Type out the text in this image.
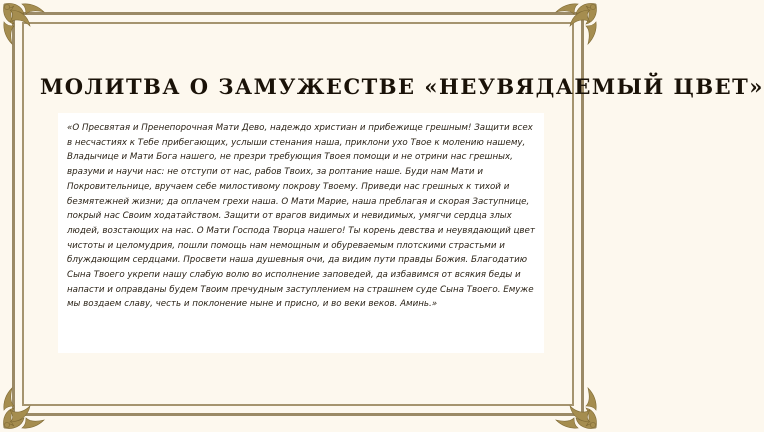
МОЛИТВА О ЗАМУЖЕСТВЕ «НЕУВЯДАЕМЫЙ ЦВЕТ»

«О Пресвятая и Пренепорочная Мати Дево, надеждо христиан и прибежище грешным! Защити всех в несчастиях к Тебе прибегающих, услыши стенания наша, приклони ухо Твое к молению нашему, Владычице и Мати Бога нашего, не презри требующия Твоея помощи и не отрини нас грешных, вразуми и научи нас: не отступи от нас, рабов Твоих, за роптание наше. Буди нам Мати и Покровительнице, вручаем себе милостивому покрову Твоему. Приведи нас грешных к тихой и безмятежней жизни; да оплачем грехи наша. О Мати Марие, наша преблагая и скорая Заступнице, покрый нас Своим ходатайством. Защити от врагов видимых и невидимых, умягчи сердца злых людей, возстающих на нас. О Мати Господа Творца нашего! Ты корень девства и неувядающий цвет чистоты и целомудрия, пошли помощь нам немощным и обуреваемым плотскими страстьми и блуждающим сердцами. Просвети наша душевныя очи, да видим пути правды Божия. Благодатию Сына Твоего укрепи нашу слабую волю во исполнение заповедей, да избавимся от всякия беды и напасти и оправданы будем Твоим пречудным заступлением на страшнем суде Сына Твоего. Емуже мы воздаем славу, честь и поклонение ныне и присно, и во веки веков. Аминь.»
